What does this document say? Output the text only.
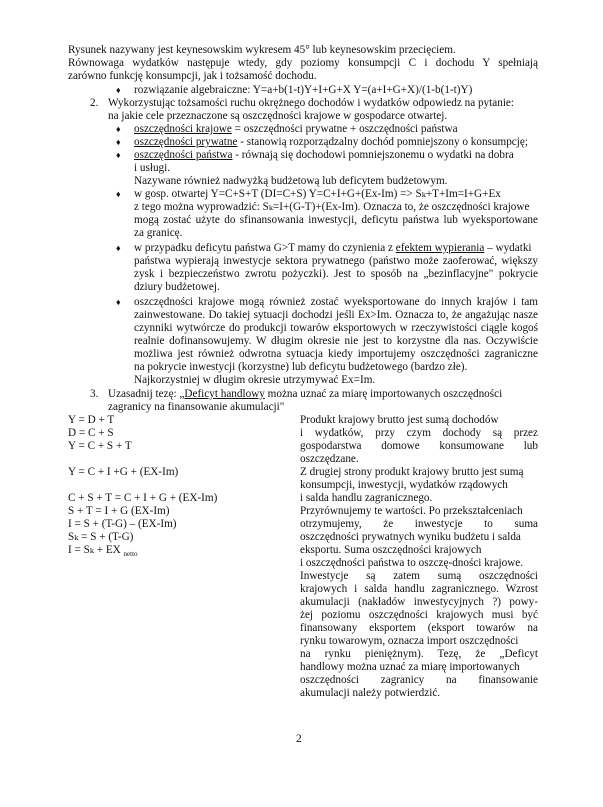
Rysunek nazywany jest keynesowskim wykresem 45° lub keynesowskim przecięciem.
Równowaga wydatków następuje wtedy, gdy poziomy konsumpcji C i dochodu Y spełniają
zarówno funkcję konsumpcji, jak i tożsamość dochodu.
♦ rozwiązanie algebraiczne: Y=a+b(1-t)Y+I+G+X Y=(a+I+G+X)/(1-b(1-t)Y)
2. Wykorzystując tożsamości ruchu okrężnego dochodów i wydatków odpowiedz na pytanie:
na jakie cele przeznaczone są oszczędności krajowe w gospodarce otwartej.
♦ oszczędności krajowe = oszczędności prywatne + oszczędności państwa
♦ oszczędności prywatne - stanowią rozporządzalny dochód pomniejszony o konsumpcję;
♦ oszczędności państwa - równają się dochodowi pomniejszonemu o wydatki na dobra
i usługi.
Nazywane również nadwyżką budżetową lub deficytem budżetowym.
♦ w gosp. otwartej Y=C+S+T (DI=C+S) Y=C+I+G+(Ex-Im) => Sₖ+T+Im=I+G+Ex
z tego można wyprowadzić: Sₖ=I+(G-T)+(Ex-Im). Oznacza to, że oszczędności krajowe
mogą zostać użyte do sfinansowania inwestycji, deficytu państwa lub wyeksportowane
za granicę.
♦ w przypadku deficytu państwa G>T mamy do czynienia z efektem wypierania – wydatki
państwa wypierają inwestycje sektora prywatnego (państwo może zaoferować, większy
zysk i bezpieczeństwo zwrotu pożyczki). Jest to sposób na „bezinflacyjne" pokrycie
dziury budżetowej.
♦ oszczędności krajowe mogą również zostać wyeksportowane do innych krajów i tam
zainwestowane. Do takiej sytuacji dochodzi jeśli Ex>Im. Oznacza to, że angażując nasze
czynniki wytwórcze do produkcji towarów eksportowych w rzeczywistości ciągle kogoś
realnie dofinansowujemy. W długim okresie nie jest to korzystne dla nas. Oczywiście
możliwa jest również odwrotna sytuacja kiedy importujemy oszczędności zagraniczne
na pokrycie inwestycji (korzystne) lub deficytu budżetowego (bardzo złe).
Najkorzystniej w długim okresie utrzymywać Ex=Im.
3. Uzasadnij tezę: „Deficyt handlowy można uznać za miarę importowanych oszczędności
zagranicy na finansowanie akumulacji"
Y = D + T
D = C + S
Y = C + S + T
Y = C + I +G + (EX-Im)
C + S + T = C + I + G + (EX-Im)
S + T = I + G (EX-Im)
I = S + (T-G) – (EX-Im)
Sₖ = S + (T-G)
I = Sₖ + EX $_{netto}$
Produkt krajowy brutto jest sumą dochodów
i wydatków, przy czym dochody są przez
gospodarstwa domowe konsumowane lub
oszczędzane.
Z drugiej strony produkt krajowy brutto jest sumą
konsumpcji, inwestycji, wydatków rządowych
i salda handlu zagranicznego.
Przyrównujemy te wartości. Po przekształceniach
otrzymujemy, że inwestycje to suma
oszczędności prywatnych wyniku budżetu i salda
eksportu. Suma oszczędności krajowych
i oszczędności państwa to oszczę-dności krajowe.
Inwestycje są zatem sumą oszczędności
krajowych i salda handlu zagranicznego. Wzrost
akumulacji (nakładów inwestycyjnych ?) powy-
żej poziomu oszczędności krajowych musi być
finansowany eksportem (eksport towarów na
rynku towarowym, oznacza import oszczędności
na rynku pieniężnym). Tezę, że „Deficyt
handlowy można uznać za miarę importowanych
oszczędności zagranicy na finansowanie
akumulacji należy potwierdzić.
2
